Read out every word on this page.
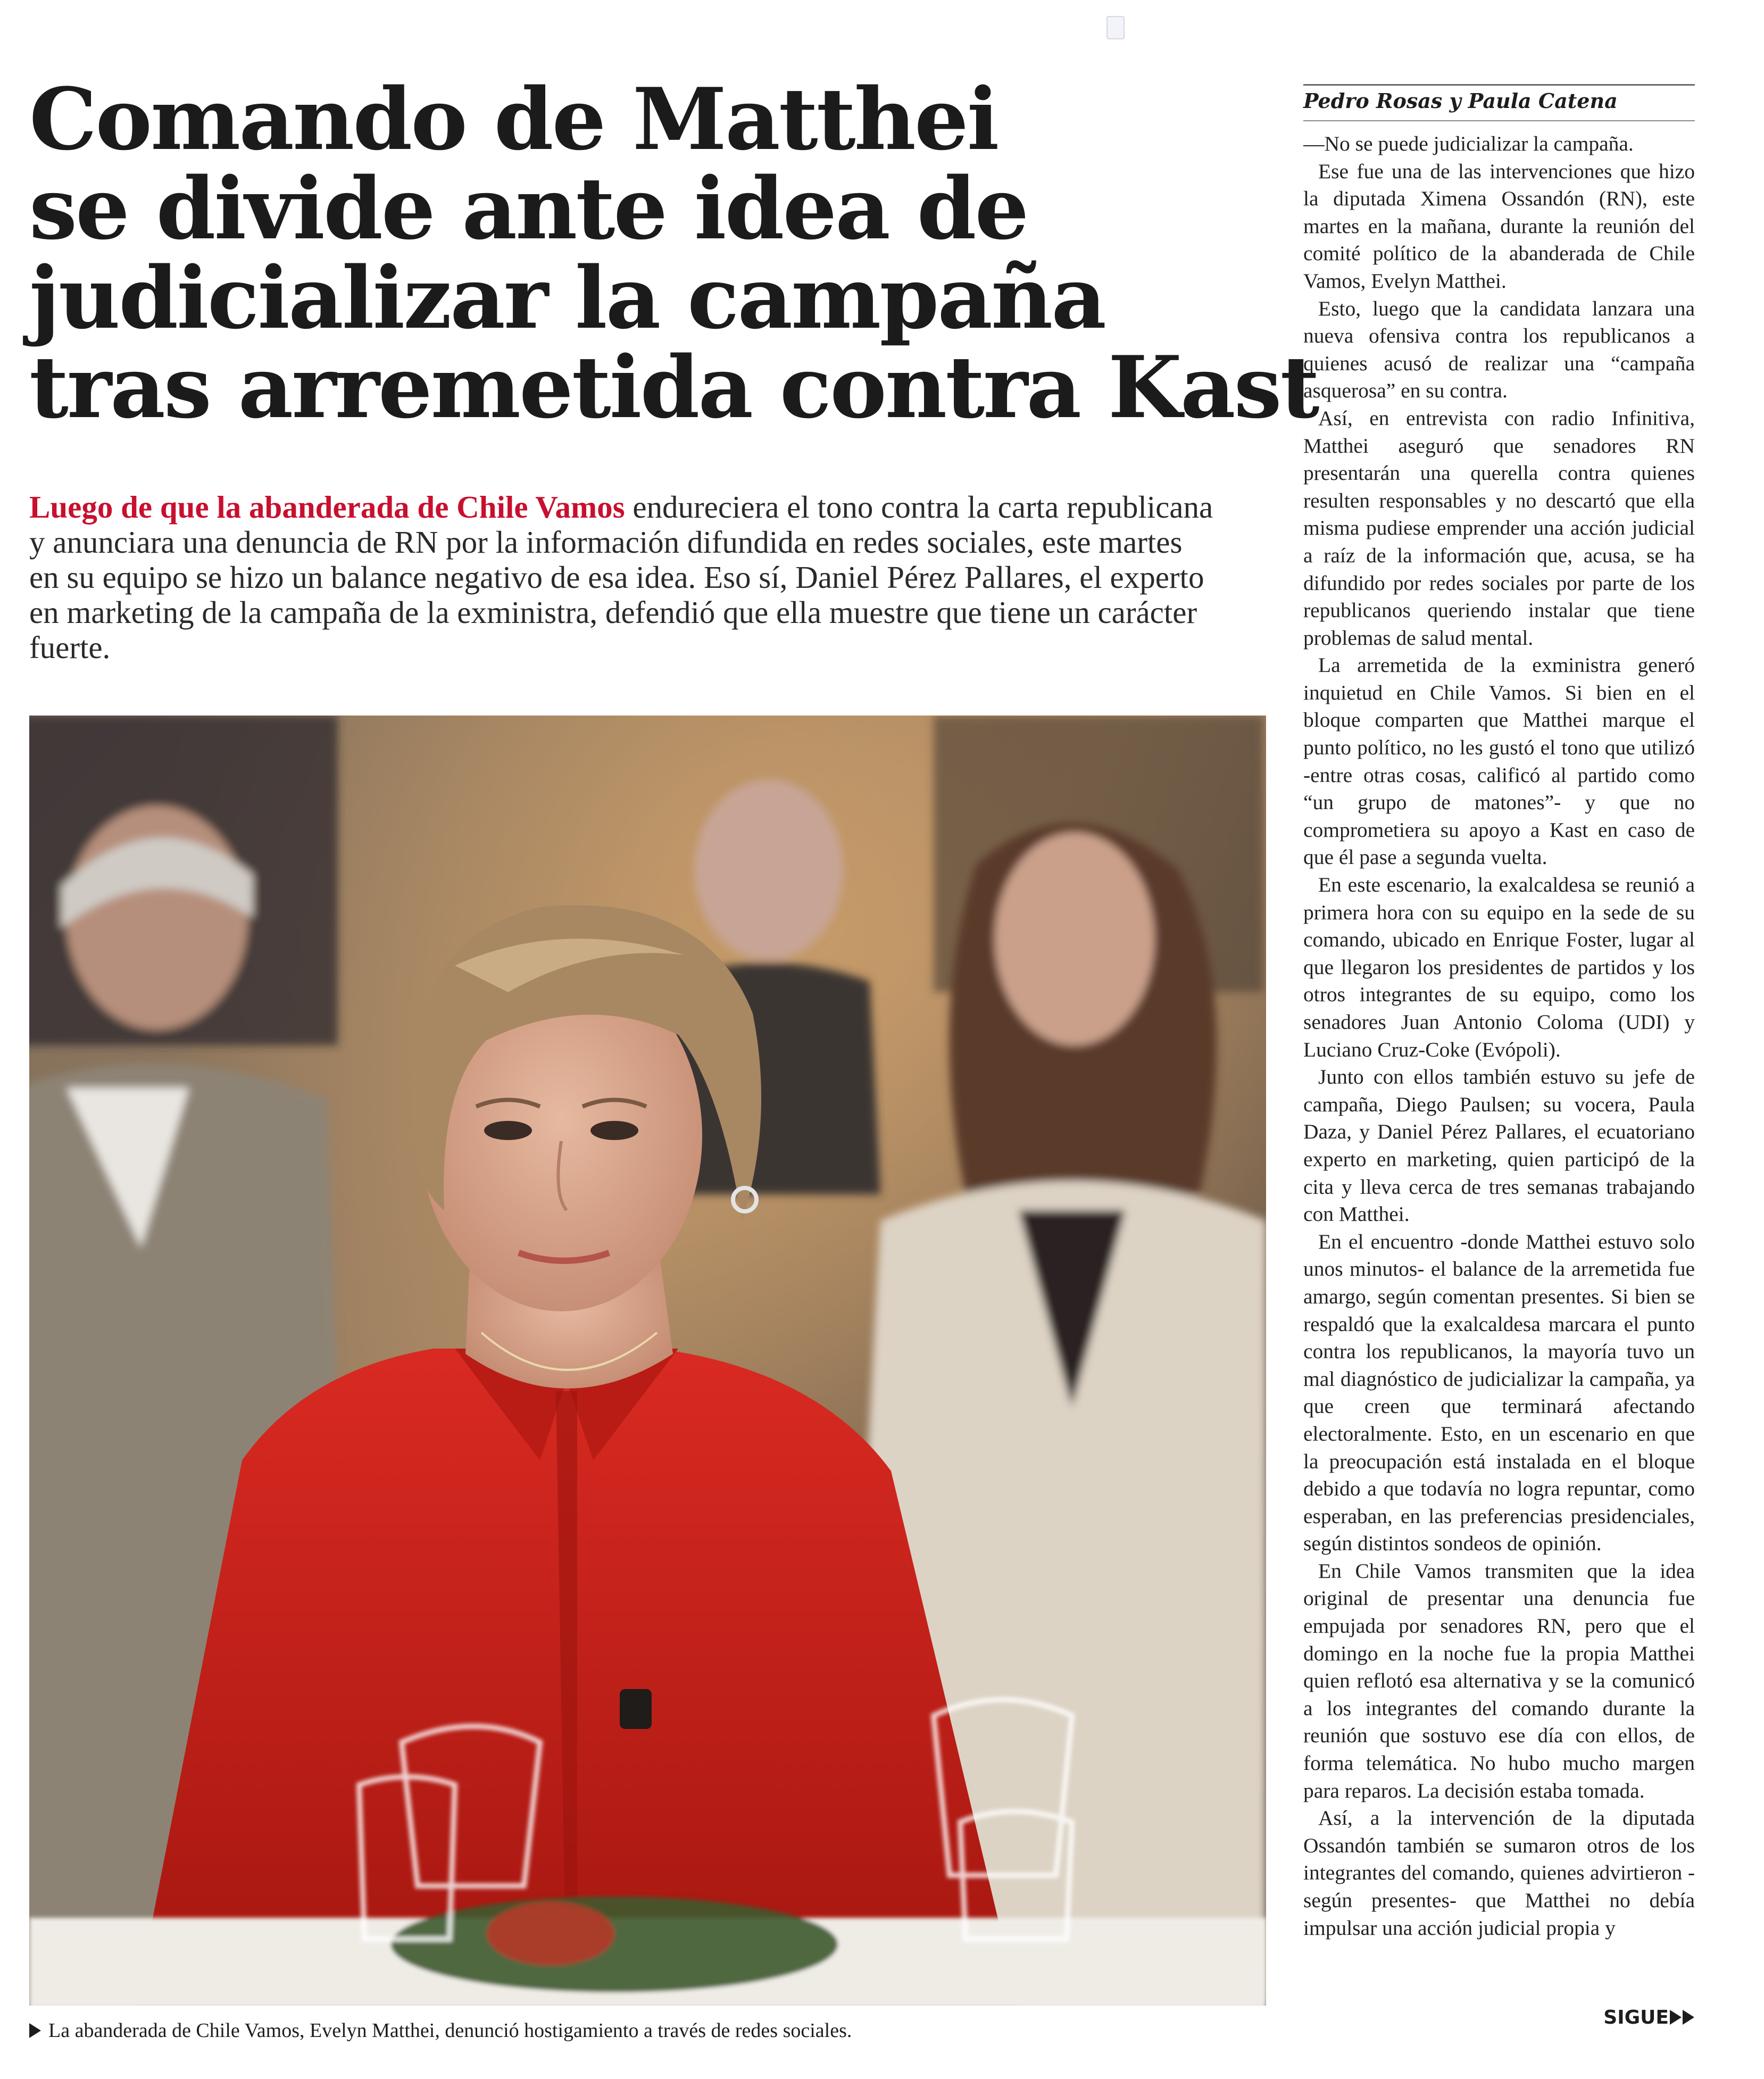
Comando de Matthei
se divide ante idea de
judicializar la campaña
tras arremetida contra Kast

Luego de que la abanderada de Chile Vamos endureciera el tono contra la carta republicana y anunciara una denuncia de RN por la información difundida en redes sociales, este martes en su equipo se hizo un balance negativo de esa idea. Eso sí, Daniel Pérez Pallares, el experto en marketing de la campaña de la exministra, defendió que ella muestre que tiene un carácter fuerte.

La abanderada de Chile Vamos, Evelyn Matthei, denunció hostigamiento a través de redes sociales.

Pedro Rosas y Paula Catena

—No se puede judicializar la campaña.

Ese fue una de las intervenciones que hizo la diputada Ximena Ossandón (RN), este martes en la mañana, durante la reunión del comité político de la abanderada de Chile Vamos, Evelyn Matthei.

Esto, luego que la candidata lanzara una nueva ofensiva contra los republicanos a quienes acusó de realizar una “campaña asquerosa” en su contra.

Así, en entrevista con radio Infinitiva, Matthei aseguró que senadores RN presentarán una querella contra quienes resulten responsables y no descartó que ella misma pudiese emprender una acción judicial a raíz de la información que, acusa, se ha difundido por redes sociales por parte de los republicanos queriendo instalar que tiene problemas de salud mental.

La arremetida de la exministra generó inquietud en Chile Vamos. Si bien en el bloque comparten que Matthei marque el punto político, no les gustó el tono que utilizó -entre otras cosas, calificó al partido como “un grupo de matones”- y que no comprometiera su apoyo a Kast en caso de que él pase a segunda vuelta.

En este escenario, la exalcaldesa se reunió a primera hora con su equipo en la sede de su comando, ubicado en Enrique Foster, lugar al que llegaron los presidentes de partidos y los otros integrantes de su equipo, como los senadores Juan Antonio Coloma (UDI) y Luciano Cruz-Coke (Evópoli).

Junto con ellos también estuvo su jefe de campaña, Diego Paulsen; su vocera, Paula Daza, y Daniel Pérez Pallares, el ecuatoriano experto en marketing, quien participó de la cita y lleva cerca de tres semanas trabajando con Matthei.

En el encuentro -donde Matthei estuvo solo unos minutos- el balance de la arremetida fue amargo, según comentan presentes. Si bien se respaldó que la exalcaldesa marcara el punto contra los republicanos, la mayoría tuvo un mal diagnóstico de judicializar la campaña, ya que creen que terminará afectando electoralmente. Esto, en un escenario en que la preocupación está instalada en el bloque debido a que todavía no logra repuntar, como esperaban, en las preferencias presidenciales, según distintos sondeos de opinión.

En Chile Vamos transmiten que la idea original de presentar una denuncia fue empujada por senadores RN, pero que el domingo en la noche fue la propia Matthei quien reflotó esa alternativa y se la comunicó a los integrantes del comando durante la reunión que sostuvo ese día con ellos, de forma telemática. No hubo mucho margen para reparos. La decisión estaba tomada.

Así, a la intervención de la diputada Ossandón también se sumaron otros de los integrantes del comando, quienes advirtieron -según presentes- que Matthei no debía impulsar una acción judicial propia y

SIGUE
